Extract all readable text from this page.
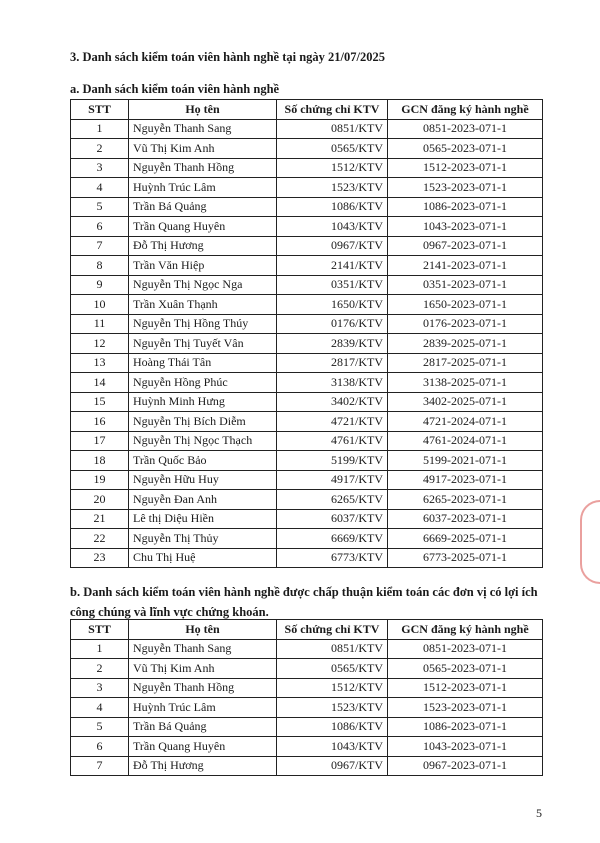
3. Danh sách kiểm toán viên hành nghề tại ngày 21/07/2025

a. Danh sách kiểm toán viên hành nghề

STT	Họ tên	Số chứng chỉ KTV	GCN đăng ký hành nghề
1	Nguyễn Thanh Sang	0851/KTV	0851-2023-071-1
2	Vũ Thị Kim Anh	0565/KTV	0565-2023-071-1
3	Nguyễn Thanh Hồng	1512/KTV	1512-2023-071-1
4	Huỳnh Trúc Lâm	1523/KTV	1523-2023-071-1
5	Trần Bá Quảng	1086/KTV	1086-2023-071-1
6	Trần Quang Huyên	1043/KTV	1043-2023-071-1
7	Đỗ Thị Hương	0967/KTV	0967-2023-071-1
8	Trần Văn Hiệp	2141/KTV	2141-2023-071-1
9	Nguyễn Thị Ngọc Nga	0351/KTV	0351-2023-071-1
10	Trần Xuân Thạnh	1650/KTV	1650-2023-071-1
11	Nguyễn Thị Hồng Thúy	0176/KTV	0176-2023-071-1
12	Nguyễn Thị Tuyết Vân	2839/KTV	2839-2025-071-1
13	Hoàng Thái Tân	2817/KTV	2817-2025-071-1
14	Nguyễn Hồng Phúc	3138/KTV	3138-2025-071-1
15	Huỳnh Minh Hưng	3402/KTV	3402-2025-071-1
16	Nguyễn Thị Bích Diễm	4721/KTV	4721-2024-071-1
17	Nguyễn Thị Ngọc Thạch	4761/KTV	4761-2024-071-1
18	Trần Quốc Bảo	5199/KTV	5199-2021-071-1
19	Nguyễn Hữu Huy	4917/KTV	4917-2023-071-1
20	Nguyễn Đan Anh	6265/KTV	6265-2023-071-1
21	Lê thị Diệu Hiền	6037/KTV	6037-2023-071-1
22	Nguyễn Thị Thủy	6669/KTV	6669-2025-071-1
23	Chu Thị Huệ	6773/KTV	6773-2025-071-1

b. Danh sách kiểm toán viên hành nghề được chấp thuận kiểm toán các đơn vị có lợi ích công chúng và lĩnh vực chứng khoán.

STT	Họ tên	Số chứng chỉ KTV	GCN đăng ký hành nghề
1	Nguyễn Thanh Sang	0851/KTV	0851-2023-071-1
2	Vũ Thị Kim Anh	0565/KTV	0565-2023-071-1
3	Nguyễn Thanh Hồng	1512/KTV	1512-2023-071-1
4	Huỳnh Trúc Lâm	1523/KTV	1523-2023-071-1
5	Trần Bá Quảng	1086/KTV	1086-2023-071-1
6	Trần Quang Huyên	1043/KTV	1043-2023-071-1
7	Đỗ Thị Hương	0967/KTV	0967-2023-071-1
5
